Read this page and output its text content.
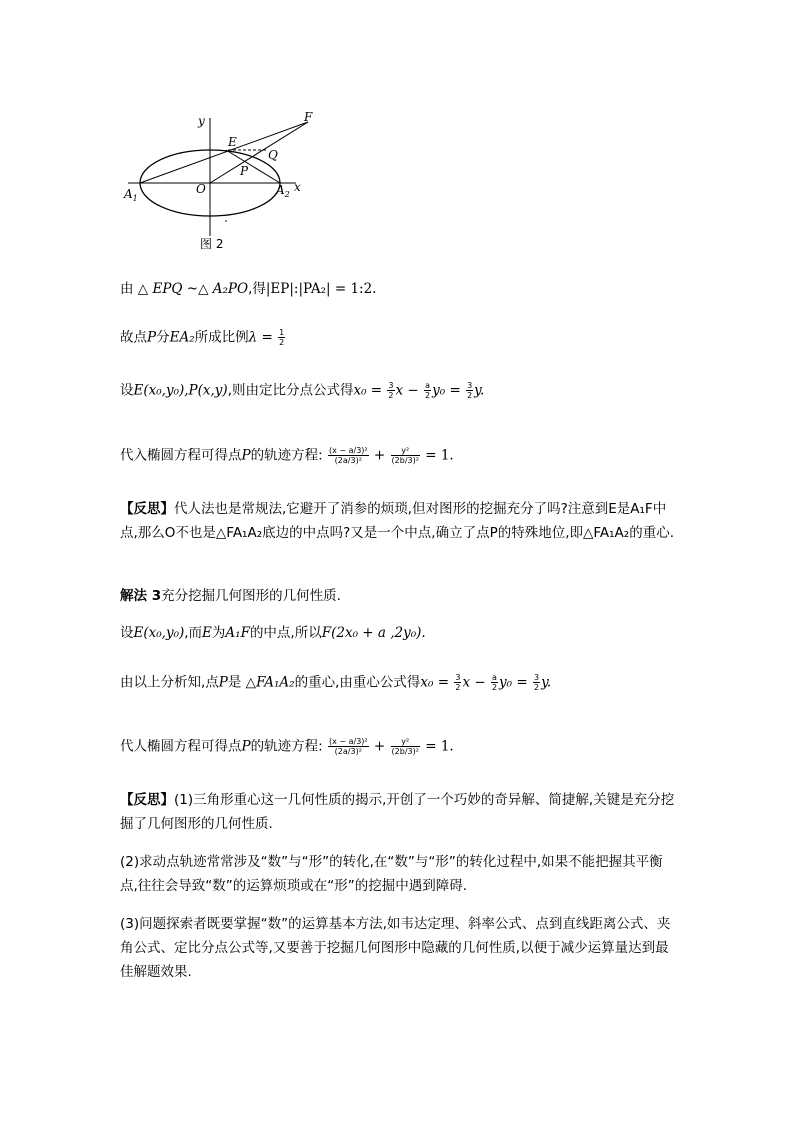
y
x
E
F
Q
P
O
$A_1$
$A_2$
图 2
由 △ EPQ ~△ A₂PO,得|EP|:|PA₂| = 1:2.
故点P分EA₂所成比例$\lambda = \frac{1}{2}$
设E(x₀,y₀),P(x,y),则由定比分点公式得$x_0 = \frac{3}{2}$ $x - \frac{a}{2} y_0 = \frac{3}{2} y$.
代入椭圆方程可得点P的轨迹方程: $\frac{\text{(x − a/3)²}}{\text{(2a/3)²}} + \frac{\text{y²}}{\text{(2b/3)²}} = 1$.
【反思】代人法也是常规法,它避开了消参的烦琐,但对图形的挖掘充分了吗?注意到E是A₁F中点,那么O不也是△FA₁A₂底边的中点吗?又是一个中点,确立了点P的特殊地位,即△FA₁A₂的重心.
解法 3充分挖掘几何图形的几何性质.
设E(x₀,y₀),而E为A₁F的中点,所以F(2x₀ + a ,2y₀).
由以上分析知,点P是 △FA₁A₂的重心,由重心公式得$x_0 = \frac{3}{2}$ $x - \frac{a}{2} y_0 = \frac{3}{2} y$.
代人椭圆方程可得点P的轨迹方程: $\frac{\text{(x − a/3)²}}{\text{(2a/3)²}} + \frac{\text{y²}}{\text{(2b/3)²}} = 1$.
【反思】(1)三角形重心这一几何性质的揭示,开创了一个巧妙的奇异解、简捷解,关键是充分挖掘了几何图形的几何性质.
(2)求动点轨迹常常涉及“数”与“形”的转化,在“数”与“形”的转化过程中,如果不能把握其平衡点,往往会导致“数”的运算烦琐或在“形”的挖掘中遇到障碍.
(3)问题探索者既要掌握“数”的运算基本方法,如韦达定理、斜率公式、点到直线距离公式、夹角公式、定比分点公式等,又要善于挖掘几何图形中隐藏的几何性质,以便于减少运算量达到最佳解题效果.
